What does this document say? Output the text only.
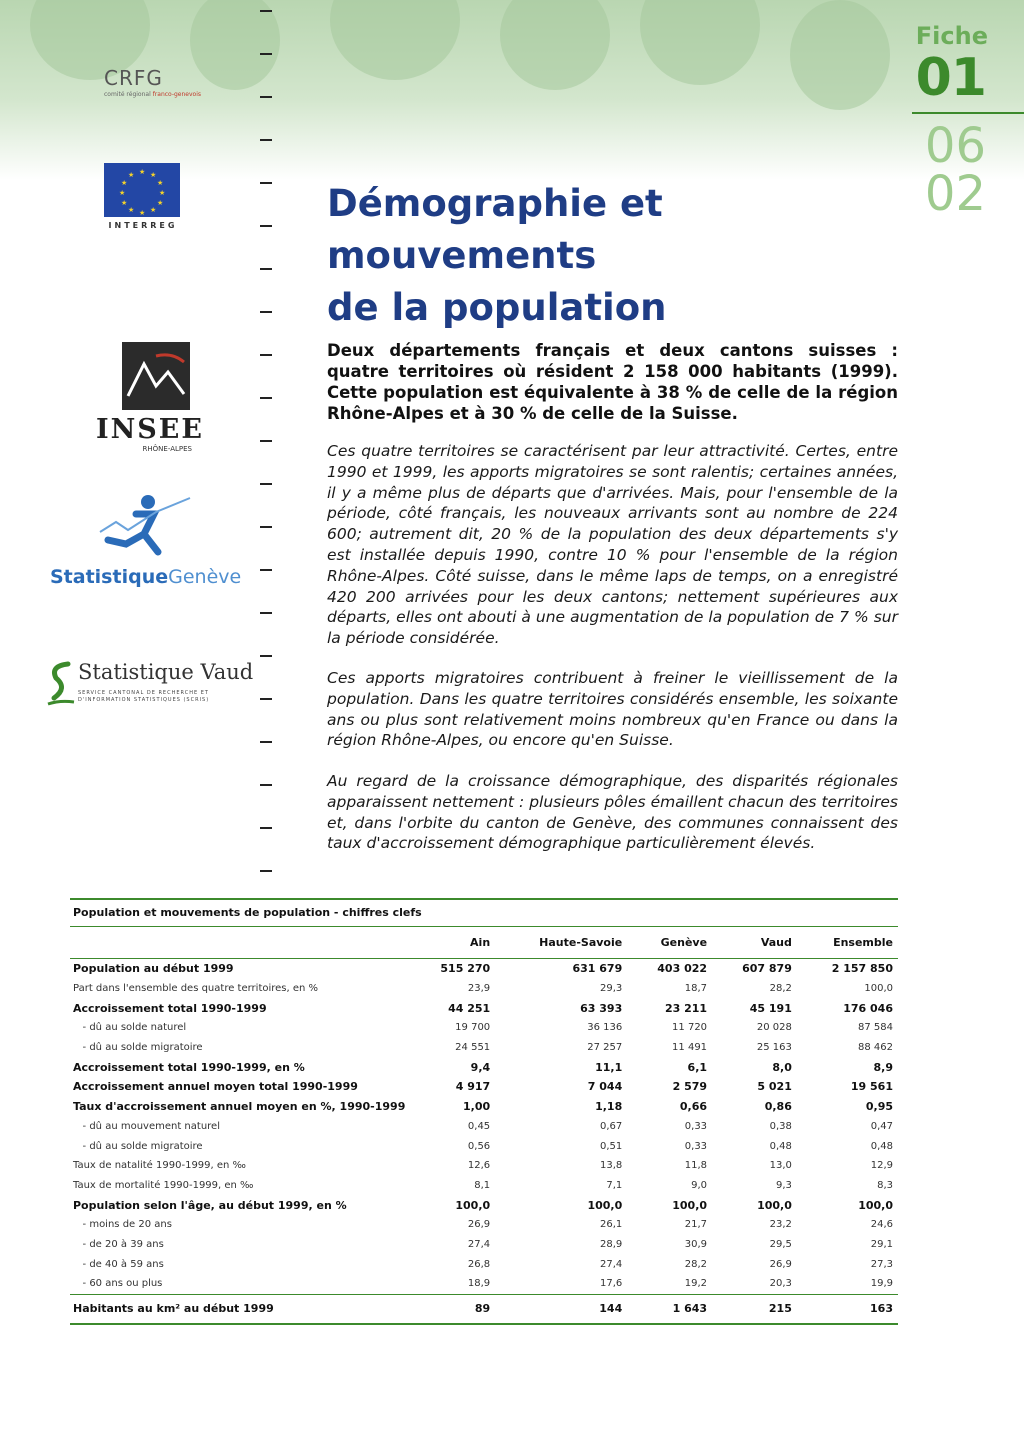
Fiche
01
06
02
CRFG
comité régional franco-genevois
★ ★
★
★
★
★
★
★
★
★
★
★
INTERREG
INSEE
RHÔNE-ALPES
StatistiqueGenève
Statistique Vaud
SERVICE CANTONAL DE RECHERCHE ET D'INFORMATION STATISTIQUES (SCRIS)
Démographie et mouvements
de la population

Deux départements français et deux cantons suisses : quatre territoires où résident 2 158 000 habitants (1999). Cette population est équivalente à 38 % de celle de la région Rhône-Alpes et à 30 % de celle de la Suisse.

Ces quatre territoires se caractérisent par leur attractivité. Certes, entre 1990 et 1999, les apports migratoires se sont ralentis; certaines années, il y a même plus de départs que d'arrivées. Mais, pour l'ensemble de la période, côté français, les nouveaux arrivants sont au nombre de 224 600; autrement dit, 20 % de la population des deux départements s'y est installée depuis 1990, contre 10 % pour l'ensemble de la région Rhône-Alpes. Côté suisse, dans le même laps de temps, on a enregistré 420 200 arrivées pour les deux cantons; nettement supérieures aux départs, elles ont abouti à une augmentation de la population de 7 % sur la période considérée.

Ces apports migratoires contribuent à freiner le vieillissement de la population. Dans les quatre territoires considérés ensemble, les soixante ans ou plus sont relativement moins nombreux qu'en France ou dans la région Rhône-Alpes, ou encore qu'en Suisse.

Au regard de la croissance démographique, des disparités régionales apparaissent nettement : plusieurs pôles émaillent chacun des territoires et, dans l'orbite du canton de Genève, des communes connaissent des taux d'accroissement démographique particulièrement élevés.

Population et mouvements de population - chiffres clefs
	Ain	Haute-Savoie	Genève	Vaud	Ensemble
Population au début 1999	515 270	631 679	403 022	607 879	2 157 850
Part dans l'ensemble des quatre territoires, en %	23,9	29,3	18,7	28,2	100,0
Accroissement total 1990-1999	44 251	63 393	23 211	45 191	176 046
- dû au solde naturel	19 700	36 136	11 720	20 028	87 584
- dû au solde migratoire	24 551	27 257	11 491	25 163	88 462
Accroissement total 1990-1999, en %	9,4	11,1	6,1	8,0	8,9
Accroissement annuel moyen total 1990-1999	4 917	7 044	2 579	5 021	19 561
Taux d'accroissement annuel moyen en %, 1990-1999	1,00	1,18	0,66	0,86	0,95
- dû au mouvement naturel	0,45	0,67	0,33	0,38	0,47
- dû au solde migratoire	0,56	0,51	0,33	0,48	0,48
Taux de natalité 1990-1999, en ‰	12,6	13,8	11,8	13,0	12,9
Taux de mortalité 1990-1999, en ‰	8,1	7,1	9,0	9,3	8,3
Population selon l'âge, au début 1999, en %	100,0	100,0	100,0	100,0	100,0
- moins de 20 ans	26,9	26,1	21,7	23,2	24,6
- de 20 à 39 ans	27,4	28,9	30,9	29,5	29,1
- de 40 à 59 ans	26,8	27,4	28,2	26,9	27,3
- 60 ans ou plus	18,9	17,6	19,2	20,3	19,9
Habitants au km² au début 1999	89	144	1 643	215	163
